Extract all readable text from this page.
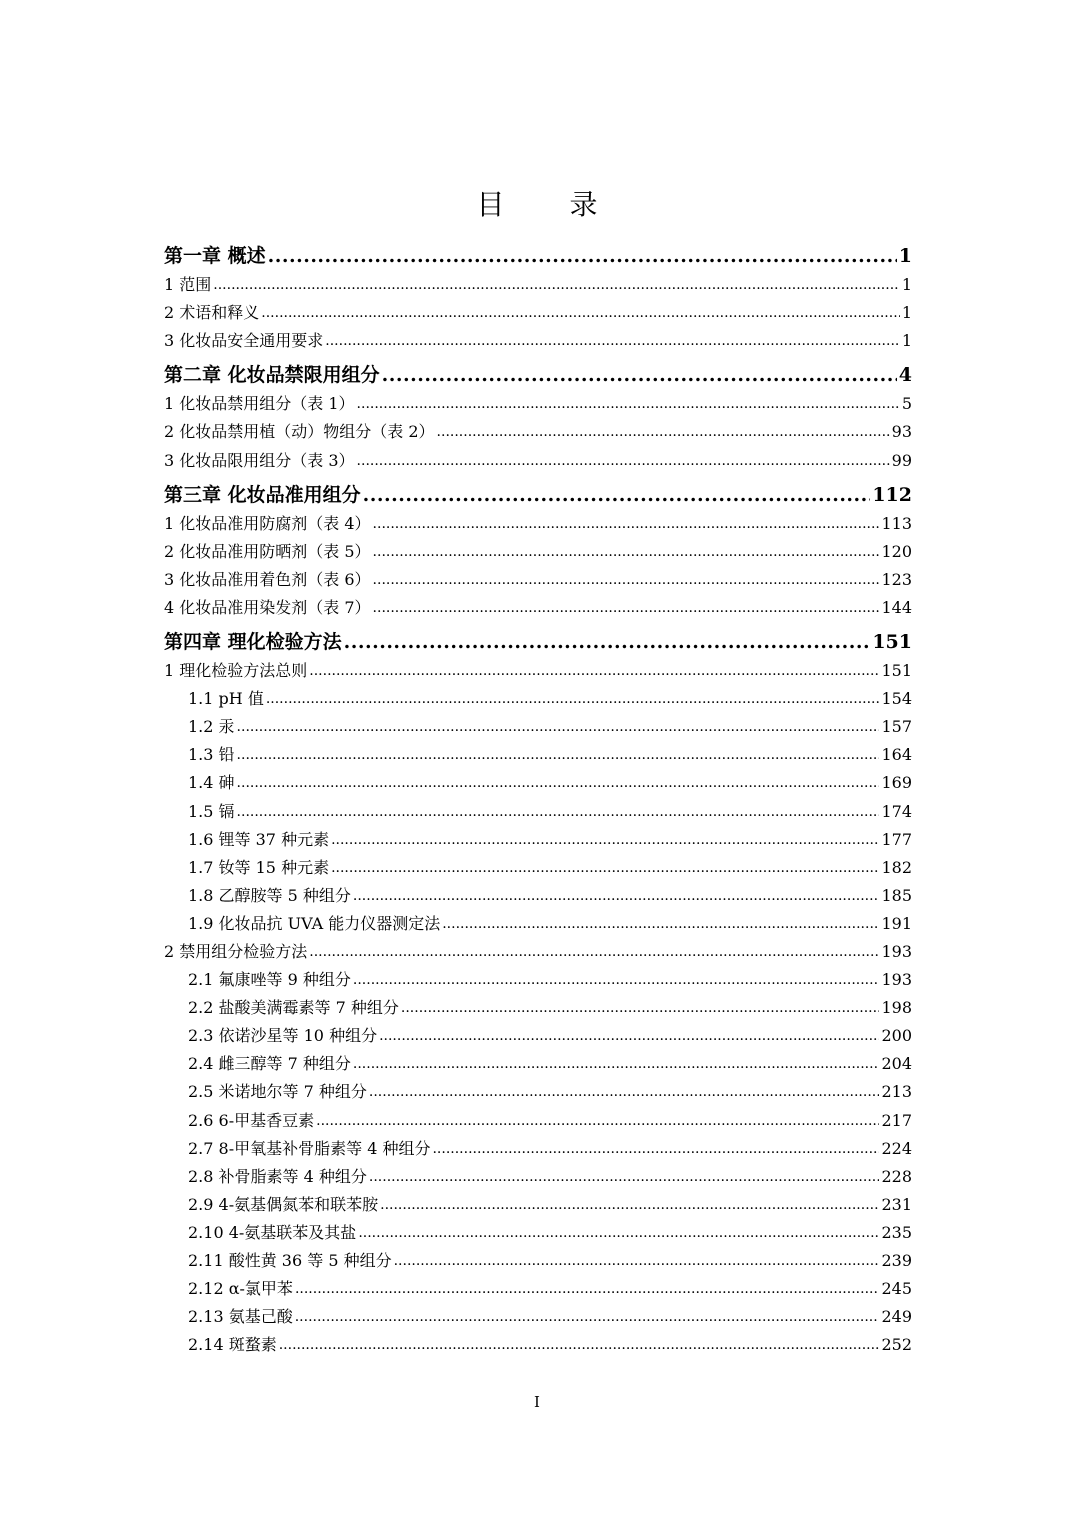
目 录
第一章 概述 .....	1
1 范围 .....	1
2 术语和释义 .....	1
3 化妆品安全通用要求 .....	1
第二章 化妆品禁限用组分 .....	4
1 化妆品禁用组分（表 1） .....	5
2 化妆品禁用植（动）物组分（表 2） .....	93
3 化妆品限用组分（表 3） .....	99
第三章 化妆品准用组分 .....	112
1 化妆品准用防腐剂（表 4） .....	113
2 化妆品准用防晒剂（表 5） .....	120
3 化妆品准用着色剂（表 6） .....	123
4 化妆品准用染发剂（表 7） .....	144
第四章 理化检验方法 .....	151
1 理化检验方法总则 .....	151
1.1 pH 值 .....	154
1.2 汞 .....	157
1.3 铅 .....	164
1.4 砷 .....	169
1.5 镉 .....	174
1.6 锂等 37 种元素 .....	177
1.7 钕等 15 种元素 .....	182
1.8 乙醇胺等 5 种组分 .....	185
1.9 化妆品抗 UVA 能力仪器测定法 .....	191
2 禁用组分检验方法 .....	193
2.1 氟康唑等 9 种组分 .....	193
2.2 盐酸美满霉素等 7 种组分 .....	198
2.3 依诺沙星等 10 种组分 .....	200
2.4 雌三醇等 7 种组分 .....	204
2.5 米诺地尔等 7 种组分 .....	213
2.6 6-甲基香豆素 .....	217
2.7 8-甲氧基补骨脂素等 4 种组分 .....	224
2.8 补骨脂素等 4 种组分 .....	228
2.9 4-氨基偶氮苯和联苯胺 .....	231
2.10 4-氨基联苯及其盐 .....	235
2.11 酸性黄 36 等 5 种组分 .....	239
2.12 α-氯甲苯 .....	245
2.13 氨基己酸 .....	249
2.14 斑蝥素 .....	252
I
